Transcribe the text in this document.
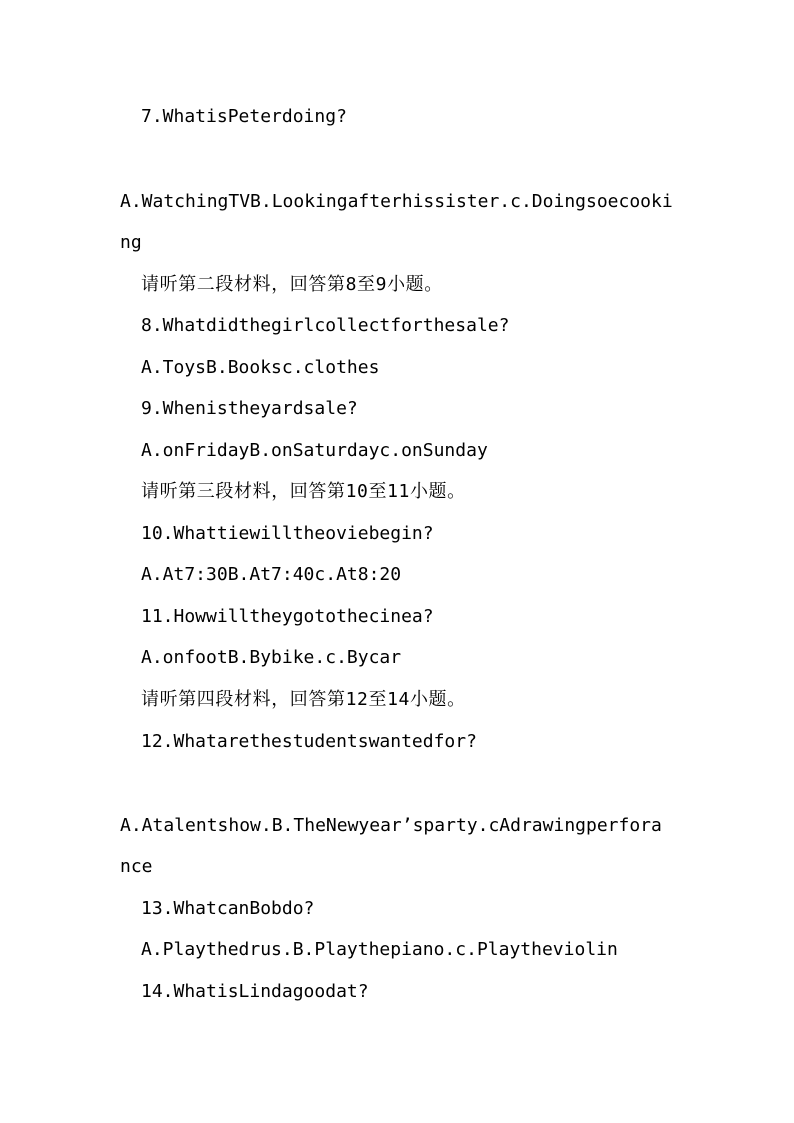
7.WhatisPeterdoing?
A.WatchingTVB.Lookingafterhissister.c.Doingsoecooki
ng
请听第二段材料，回答第8至9小题。
8.Whatdidthegirlcollectforthesale?
A.ToysB.Booksc.clothes
9.Whenistheyardsale?
A.onFridayB.onSaturdayc.onSunday
请听第三段材料，回答第10至11小题。
10.Whattiewilltheoviebegin?
A.At7:30B.At7:40c.At8:20
11.Howwilltheygotothecinea?
A.onfootB.Bybike.c.Bycar
请听第四段材料，回答第12至14小题。
12.Whatarethestudentswantedfor?
A.Atalentshow.B.TheNewyear’sparty.cAdrawingperfora
nce
13.WhatcanBobdo?
A.Playthedrus.B.Playthepiano.c.Playtheviolin
14.WhatisLindagoodat?
